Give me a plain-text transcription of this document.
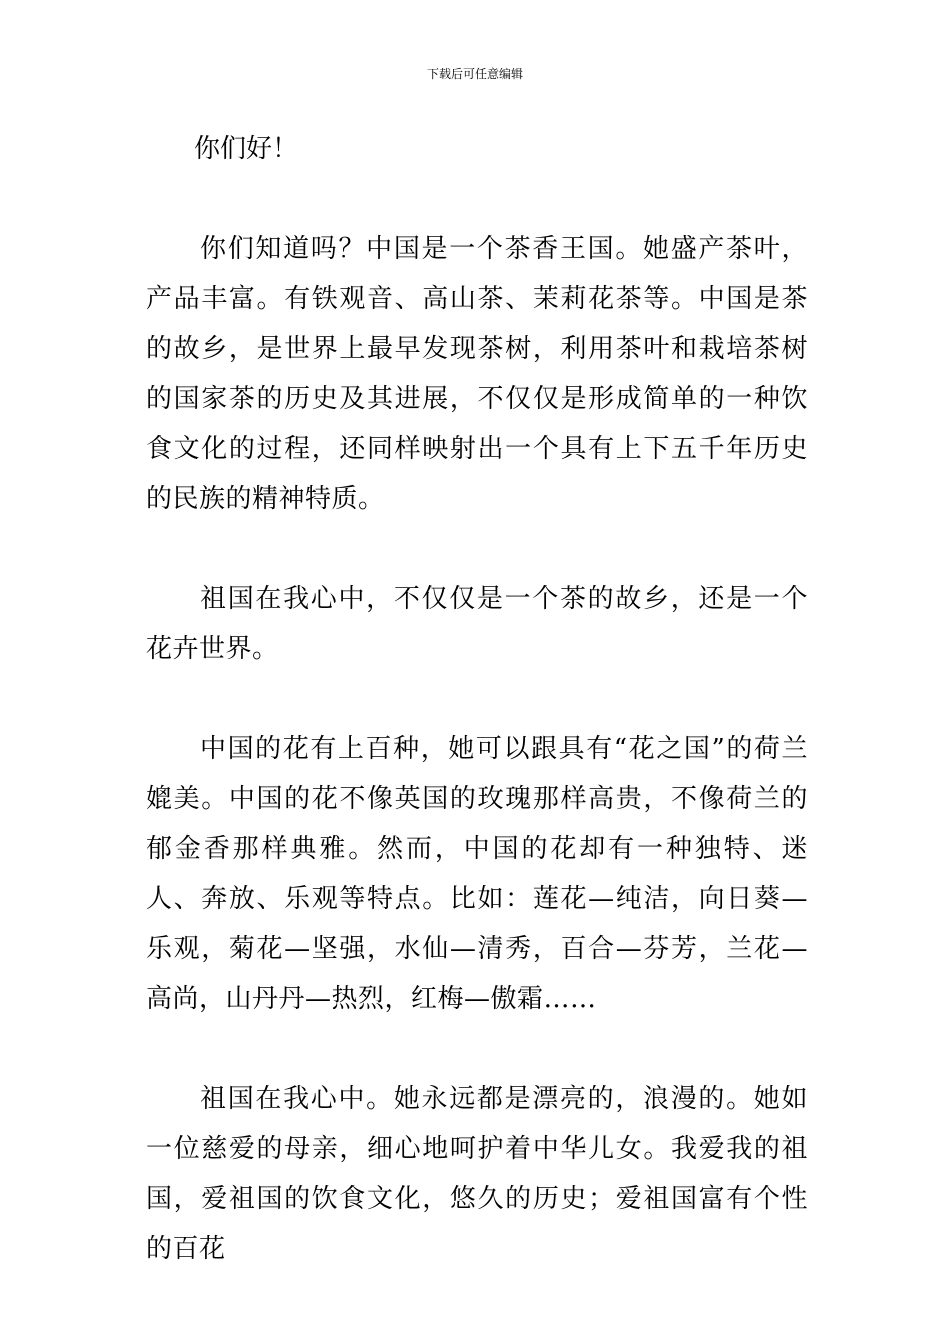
下载后可任意编辑

你们好！

你们知道吗？中国是一个茶香王国。她盛产茶叶，产品丰富。有铁观音、高山茶、茉莉花茶等。中国是茶的故乡，是世界上最早发现茶树，利用茶叶和栽培茶树的国家茶的历史及其进展，不仅仅是形成简单的一种饮食文化的过程，还同样映射出一个具有上下五千年历史的民族的精神特质。

祖国在我心中，不仅仅是一个茶的故乡，还是一个花卉世界。

中国的花有上百种，她可以跟具有“花之国”的荷兰媲美。中国的花不像英国的玫瑰那样高贵，不像荷兰的郁金香那样典雅。然而，中国的花却有一种独特、迷人、奔放、乐观等特点。比如：莲花—纯洁，向日葵—乐观，菊花—坚强，水仙—清秀，百合—芬芳，兰花—高尚，山丹丹—热烈，红梅—傲霜……

祖国在我心中。她永远都是漂亮的，浪漫的。她如一位慈爱的母亲，细心地呵护着中华儿女。我爱我的祖国，爱祖国的饮食文化，悠久的历史；爱祖国富有个性的百花
